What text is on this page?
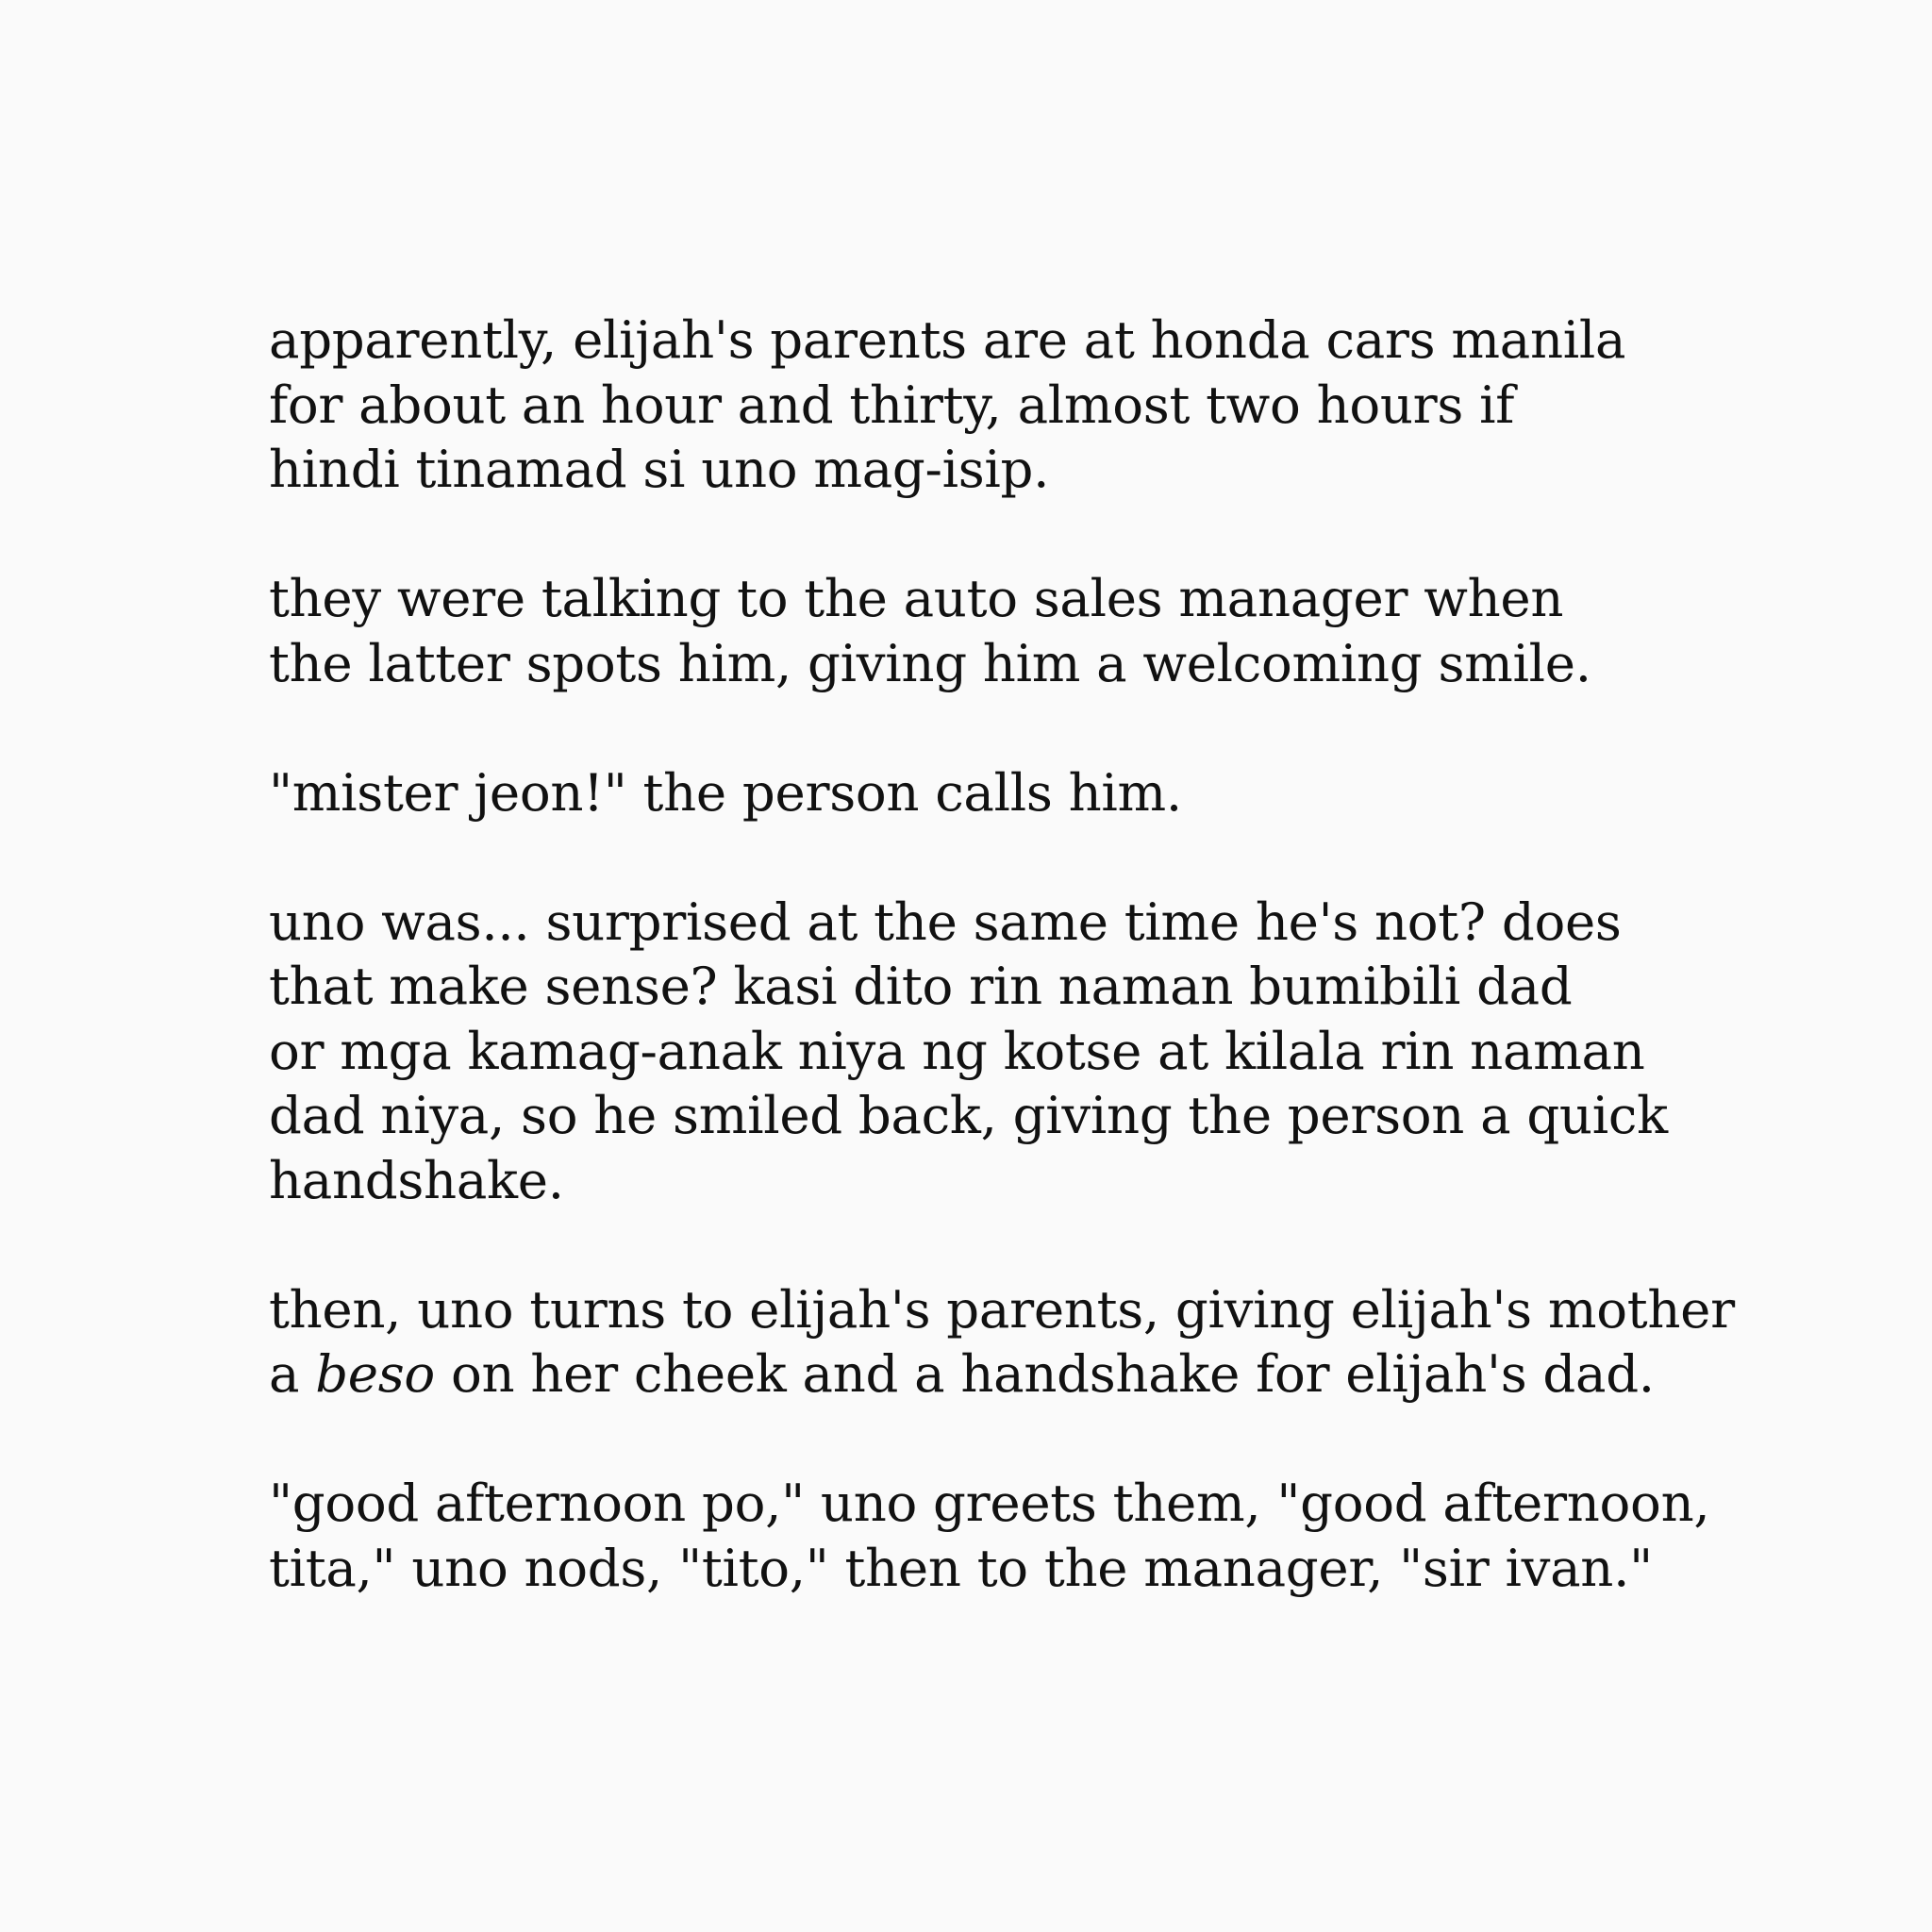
apparently, elijah's parents are at honda cars manila
for about an hour and thirty, almost two hours if
hindi tinamad si uno mag-isip.

they were talking to the auto sales manager when
the latter spots him, giving him a welcoming smile.

"mister jeon!" the person calls him.

uno was... surprised at the same time he's not? does
that make sense? kasi dito rin naman bumibili dad
or mga kamag-anak niya ng kotse at kilala rin naman
dad niya, so he smiled back, giving the person a quick
handshake.

then, uno turns to elijah's parents, giving elijah's mother
a beso on her cheek and a handshake for elijah's dad.

"good afternoon po," uno greets them, "good afternoon,
tita," uno nods, "tito," then to the manager, "sir ivan."
